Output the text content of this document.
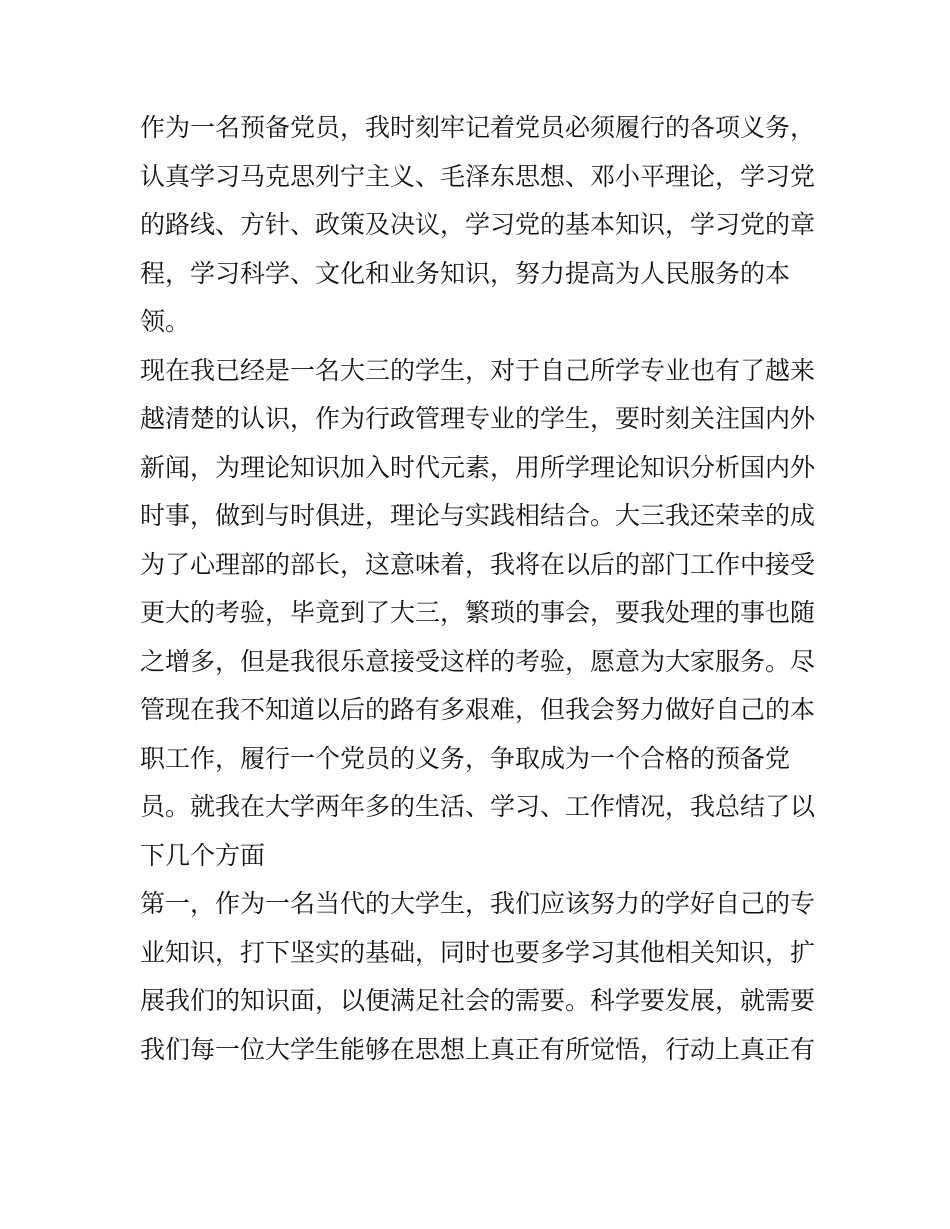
作为一名预备党员，我时刻牢记着党员必须履行的各项义务，
认真学习马克思列宁主义、毛泽东思想、邓小平理论，学习党
的路线、方针、政策及决议，学习党的基本知识，学习党的章
程，学习科学、文化和业务知识，努力提高为人民服务的本
领。
现在我已经是一名大三的学生，对于自己所学专业也有了越来
越清楚的认识，作为行政管理专业的学生，要时刻关注国内外
新闻，为理论知识加入时代元素，用所学理论知识分析国内外
时事，做到与时俱进，理论与实践相结合。大三我还荣幸的成
为了心理部的部长，这意味着，我将在以后的部门工作中接受
更大的考验，毕竟到了大三，繁琐的事会，要我处理的事也随
之增多，但是我很乐意接受这样的考验，愿意为大家服务。尽
管现在我不知道以后的路有多艰难，但我会努力做好自己的本
职工作，履行一个党员的义务，争取成为一个合格的预备党
员。就我在大学两年多的生活、学习、工作情况，我总结了以
下几个方面
第一，作为一名当代的大学生，我们应该努力的学好自己的专
业知识，打下坚实的基础，同时也要多学习其他相关知识，扩
展我们的知识面，以便满足社会的需要。科学要发展，就需要
我们每一位大学生能够在思想上真正有所觉悟，行动上真正有
